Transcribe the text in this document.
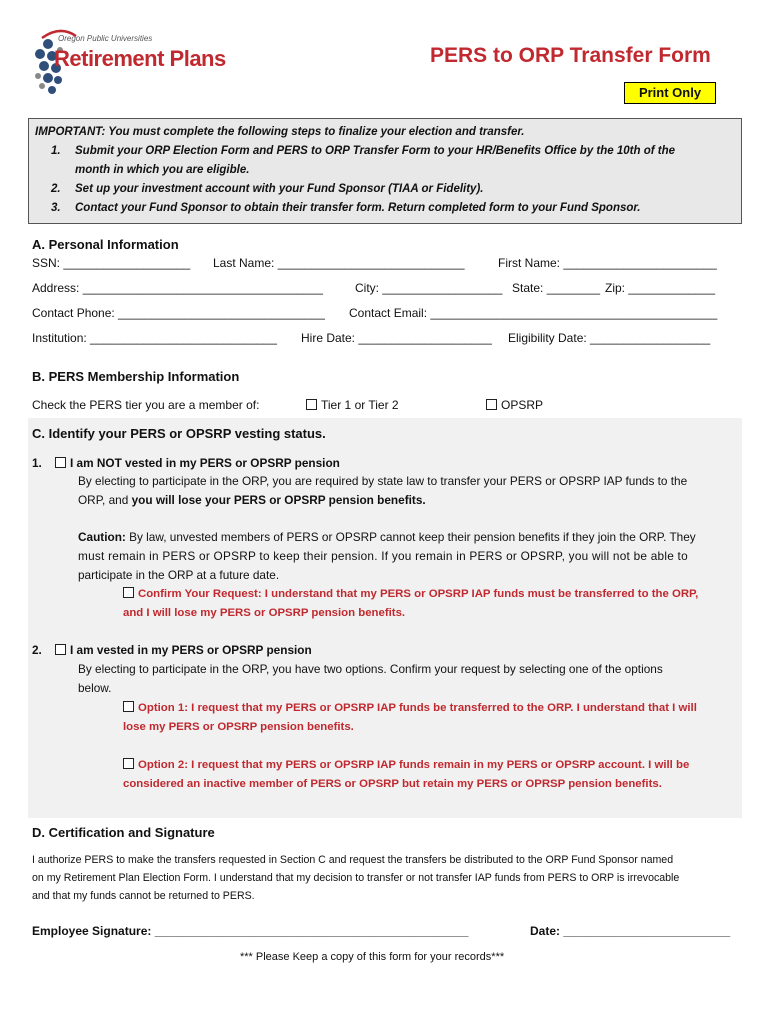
Oregon Public Universities
Retirement Plans	PERS to ORP Transfer Form
Print Only
IMPORTANT: You must complete the following steps to finalize your election and transfer.
1. Submit your ORP Election Form and PERS to ORP Transfer Form to your HR/Benefits Office by the 10th of the
month in which you are eligible.
2. Set up your investment account with your Fund Sponsor (TIAA or Fidelity).
3. Contact your Fund Sponsor to obtain their transfer form. Return completed form to your Fund Sponsor.
A. Personal Information
SSN: ___________________ Last Name: ____________________________	First Name: _______________________
Address: ____________________________________	City: __________________ State: ________ Zip: _____________
Contact Phone: _______________________________ Contact Email: ___________________________________________
Institution: ____________________________ Hire Date: ____________________ Eligibility Date: __________________
B. PERS Membership Information
Check the PERS tier you are a member of:	Tier 1 or Tier 2	OPSRP
C. Identify your PERS or OPSRP vesting status.
1.	I am NOT vested in my PERS or OPSRP pension
By electing to participate in the ORP, you are required by state law to transfer your PERS or OPSRP IAP funds to the
ORP, and you will lose your PERS or OPSRP pension benefits.
Caution: By law, unvested members of PERS or OPSRP cannot keep their pension benefits if they join the ORP. They
must remain in PERS or OPSRP to keep their pension. If you remain in PERS or OPSRP, you will not be able to
participate in the ORP at a future date.
Confirm Your Request: I understand that my PERS or OPSRP IAP funds must be transferred to the ORP,
and I will lose my PERS or OPSRP pension benefits.
2.	I am vested in my PERS or OPSRP pension
By electing to participate in the ORP, you have two options. Confirm your request by selecting one of the options
below.
Option 1: I request that my PERS or OPSRP IAP funds be transferred to the ORP. I understand that I will
lose my PERS or OPSRP pension benefits.
Option 2: I request that my PERS or OPSRP IAP funds remain in my PERS or OPSRP account. I will be
considered an inactive member of PERS or OPSRP but retain my PERS or OPRSP pension benefits.
D. Certification and Signature
I authorize PERS to make the transfers requested in Section C and request the transfers be distributed to the ORP Fund Sponsor named
on my Retirement Plan Election Form. I understand that my decision to transfer or not transfer IAP funds from PERS to ORP is irrevocable
and that my funds cannot be returned to PERS.
Employee Signature: _______________________________________________	Date: _________________________
*** Please Keep a copy of this form for your records***
